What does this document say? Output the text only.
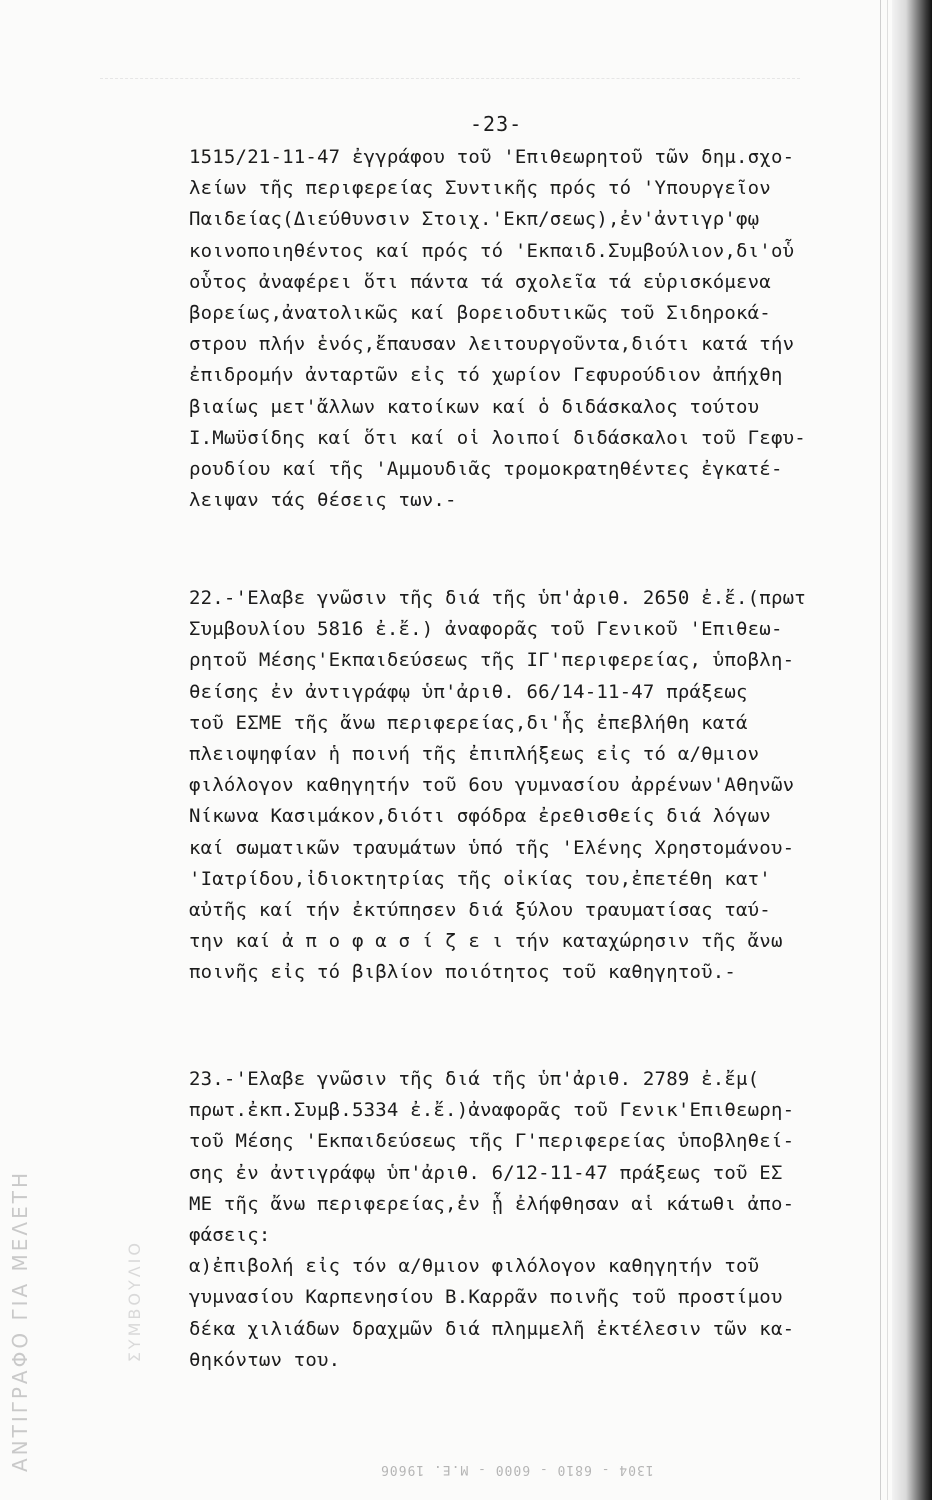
ΑΝΤΙΓΡΑΦΟ ΓΙΑ ΜΕΛΕΤΗ	ΣΥΜΒΟΥΛΙΟ
1304 - 6810 - 6000 - Μ.Ε. 19606
-23-

1515/21-11-47 ἐγγράφου τοῦ 'Επιθεωρητοῦ τῶν δημ.σχο-

λείων τῆς περιφερείας Συντικῆς πρός τό 'Υπουργεῖον

Παιδείας(Διεύθυνσιν Στοιχ.'Εκπ/σεως),ἐν'ἀντιγρ'φῳ

κοινοποιηθέντος καί πρός τό 'Εκπαιδ.Συμβούλιον,δι'οὗ

οὗτος ἀναφέρει ὅτι πάντα τά σχολεῖα τά εὑρισκόμενα

βορείως,ἀνατολικῶς καί βορειοδυτικῶς τοῦ Σιδηροκά-

στρου πλήν ἑνός,ἔπαυσαν λειτουργοῦντα,διότι κατά τήν

ἐπιδρομήν ἀνταρτῶν εἰς τό χωρίον Γεφυρούδιον ἀπήχθη

βιαίως μετ'ἄλλων κατοίκων καί ὁ διδάσκαλος τούτου

Ι.Μωϋσίδης καί ὅτι καί οἱ λοιποί διδάσκαλοι τοῦ Γεφυ-

ρουδίου καί τῆς 'Αμμουδιᾶς τρομοκρατηθέντες ἐγκατέ-

λειψαν τάς θέσεις των.-

22.-'Ελαβε γνῶσιν τῆς διά τῆς ὑπ'ἀριθ. 2650 ἐ.ἔ.(πρωτ

Συμβουλίου 5816 ἐ.ἔ.) ἀναφορᾶς τοῦ Γενικοῦ 'Επιθεω-

ρητοῦ Μέσης'Εκπαιδεύσεως τῆς ΙΓ'περιφερείας, ὑποβλη-

θείσης ἐν ἀντιγράφῳ ὑπ'ἀριθ. 66/14-11-47 πράξεως

τοῦ ΕΣΜΕ τῆς ἄνω περιφερείας,δι'ἧς ἐπεβλήθη κατά

πλειοψηφίαν ἡ ποινή τῆς ἐπιπλήξεως εἰς τό α/θμιον

φιλόλογον καθηγητήν τοῦ 6ου γυμνασίου ἀρρένων'Αθηνῶν

Νίκωνα Κασιμάκον,διότι σφόδρα ἐρεθισθείς διά λόγων

καί σωματικῶν τραυμάτων ὑπό τῆς 'Ελένης Χρηστομάνου-

'Ιατρίδου,ἰδιοκτητρίας τῆς οἰκίας του,ἐπετέθη κατ'

αὐτῆς καί τήν ἐκτύπησεν διά ξύλου τραυματίσας ταύ-

την καί ἀ π ο φ α σ ί ζ ε ι τήν καταχώρησιν τῆς ἄνω

ποινῆς εἰς τό βιβλίον ποιότητος τοῦ καθηγητοῦ.-

23.-'Ελαβε γνῶσιν τῆς διά τῆς ὑπ'ἀριθ. 2789 ἐ.ἔμ(

πρωτ.ἐκπ.Συμβ.5334 ἐ.ἔ.)ἀναφορᾶς τοῦ Γενικ'Επιθεωρη-

τοῦ Μέσης 'Εκπαιδεύσεως τῆς Γ'περιφερείας ὑποβληθεί-

σης ἐν ἀντιγράφῳ ὑπ'ἀριθ. 6/12-11-47 πράξεως τοῦ ΕΣ

ΜΕ τῆς ἄνω περιφερείας,ἐν ᾗ ἐλήφθησαν αἱ κάτωθι ἀπο-

φάσεις:

α)ἐπιβολή εἰς τόν α/θμιον φιλόλογον καθηγητήν τοῦ

γυμνασίου Καρπενησίου Β.Καρρᾶν ποινῆς τοῦ προστίμου

δέκα χιλιάδων δραχμῶν διά πλημμελῆ ἐκτέλεσιν τῶν κα-

θηκόντων του.
